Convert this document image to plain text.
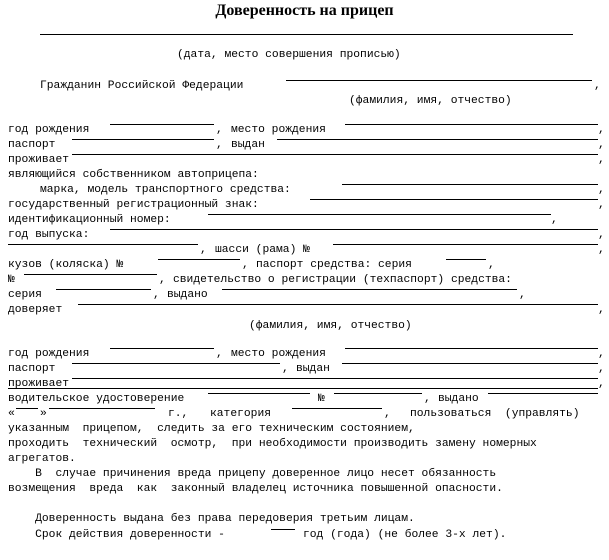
Доверенность на прицеп
(дата, место совершения прописью)
Гражданин Российской Федерации	,
(фамилия, имя, отчество)
год рождения	, место рождения	,
паспорт	, выдан	,
проживает	,
являющийся собственником автоприцепа:
марка, модель транспортного средства:	,
государственный регистрационный знак:	,
идентификационный номер:	,
год выпуска:	,
, шасси (рама) №	,
кузов (коляска) №	, паспорт средства: серия	,
№	, свидетельство о регистрации (техпаспорт) средства:
серия	, выдано	,
доверяет	,
(фамилия, имя, отчество)
год рождения	, место рождения	,
паспорт	, выдан	,
проживает	,
водительское удостоверение	№	, выдано
« »	г., категория	, пользоваться  (управлять)
указанным  прицепом,  следить за его техническим состоянием,
проходить  технический  осмотр,  при необходимости производить замену номерных
агрегатов.
В  случае причинения вреда прицепу доверенное лицо несет обязанность
возмещения  вреда  как  законный владелец источника повышенной опасности.
Доверенность выдана без права передоверия третьим лицам.
Срок действия доверенности -	год (года) (не более 3-х лет).
